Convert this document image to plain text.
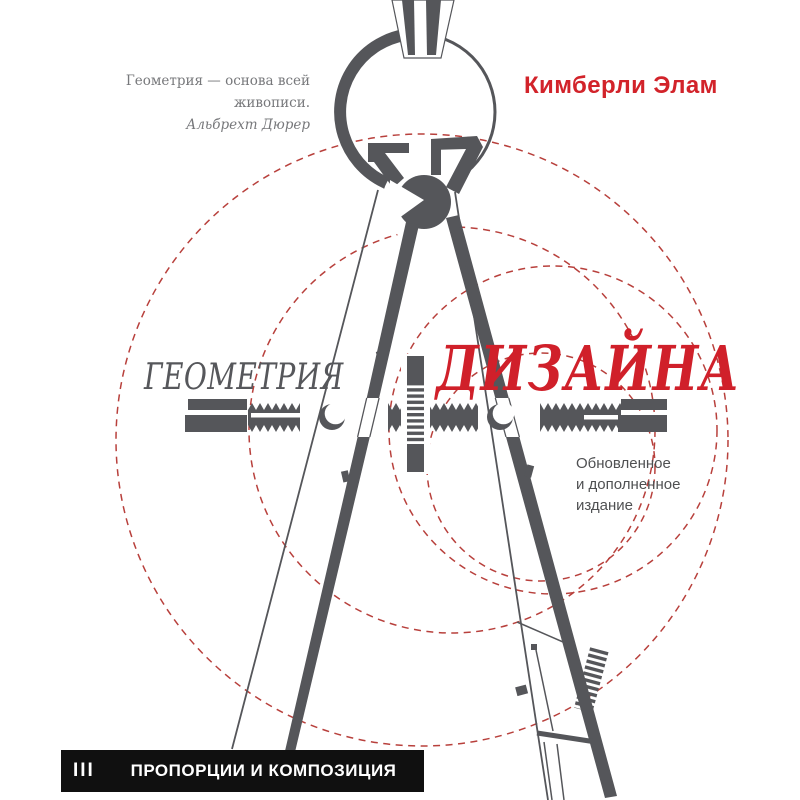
Геометрия — основа всей живописи.
Альбрехт Дюрер
Кимберли Элам
ГЕОМЕТРИЯ ДИЗАЙНА
Обновленное
и дополненное
издание
III	ПРОПОРЦИИ И КОМПОЗИЦИЯ
